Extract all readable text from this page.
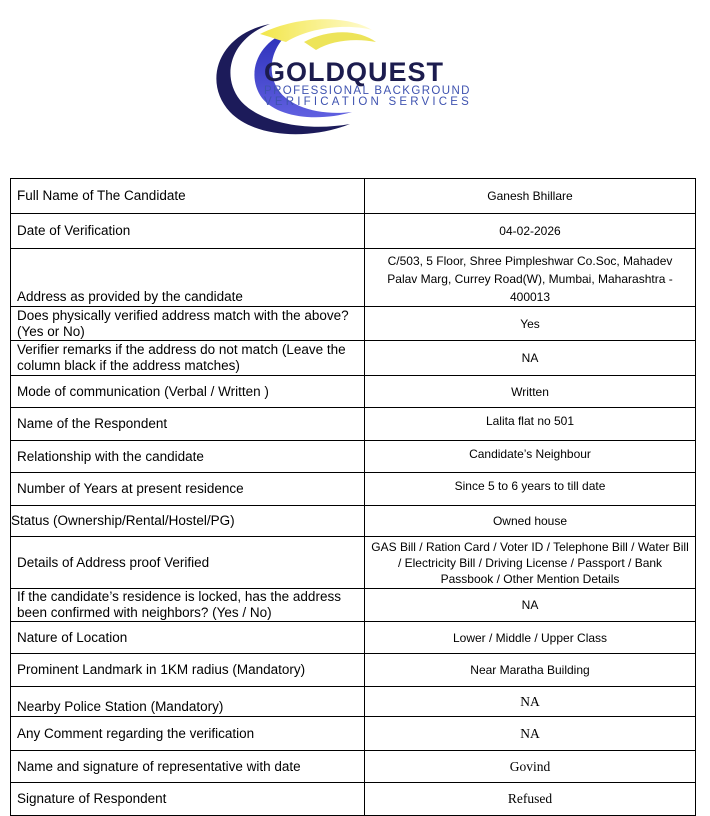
GOLDQUEST
PROFESSIONAL BACKGROUND
VERIFICATION SERVICES
Full Name of The Candidate	Ganesh Bhillare
Date of Verification	04-02-2026
Address as provided by the candidate	C/503, 5 Floor, Shree Pimpleshwar Co.Soc, Mahadev Palav Marg, Currey Road(W), Mumbai, Maharashtra - 400013
Does physically verified address match with the above? (Yes or No)	Yes
Verifier remarks if the address do not match (Leave the column black if the address matches)	NA
Mode of communication (Verbal / Written )	Written
Name of the Respondent	Lalita flat no 501
Relationship with the candidate	Candidate’s Neighbour
Number of Years at present residence	Since 5 to 6 years to till date
Status (Ownership/Rental/Hostel/PG)	Owned house
Details of Address proof Verified	GAS Bill / Ration Card / Voter ID / Telephone Bill / Water Bill / Electricity Bill / Driving License / Passport / Bank Passbook / Other Mention Details
If the candidate’s residence is locked, has the address been confirmed with neighbors? (Yes / No)	NA
Nature of Location	Lower / Middle / Upper Class
Prominent Landmark in 1KM radius (Mandatory)	Near Maratha Building
Nearby Police Station (Mandatory)	NA
Any Comment regarding the verification	NA
Name and signature of representative with date	Govind
Signature of Respondent	Refused
